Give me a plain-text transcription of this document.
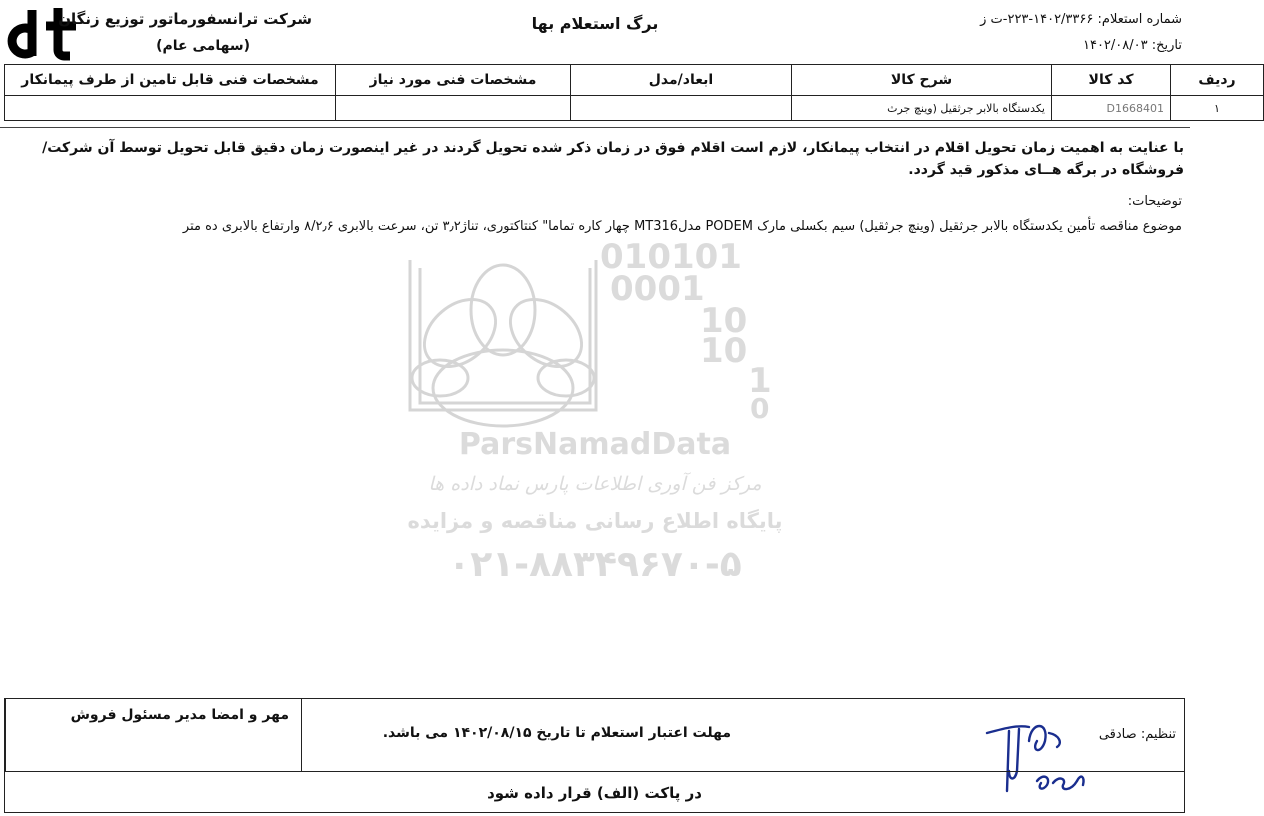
شرکت ترانسفورماتور توزیع زنگان
(سهامی عام)
برگ استعلام بها	شماره استعلام: ۱۴۰۲/۳۳۶۶-۲۲۳-ت ز
تاریخ: ۱۴۰۲/۰۸/۰۳
ردیف	کد کالا	شرح کالا	ابعاد/مدل	مشخصات فنی مورد نیاز	مشخصات فنی قابل تامین از طرف پیمانکار
۱	D1668401	یکدستگاه بالابر جرثقیل (وینچ جرث			
با عنایت به اهمیت زمان تحویل اقلام در انتخاب پیمانکار، لازم است اقلام فوق در زمان ذکر شده تحویل گردند در غیر اینصورت زمان دقیق قابل تحویل توسط آن شرکت/فروشگاه در برگه هــای مذکور قید گردد.
توضیحات:
موضوع مناقصه تأمین یکدستگاه بالابر جرثقیل (وینچ جرثقیل) سیم بکسلی مارک PODEM مدلMT316 چهار کاره تماما" کنتاکتوری، تناژ۳٫۲ تن، سرعت بالابری ۸/۲٫۶ وارتفاع بالابری ده متر
010101
0001
10
10
1
0
ParsNamadData
مرکز فن آوری اطلاعات پارس نماد داده ها
پایگاه اطلاع رسانی مناقصه و مزایده
۰۲۱-۸۸۳۴۹۶۷۰-۵
مهر و امضا مدیر مسئول فروش
مهلت اعتبار استعلام تا تاریخ ۱۴۰۲/۰۸/۱۵ می باشد.	تنظیم: صادقی
در پاکت (الف) قرار داده شود
